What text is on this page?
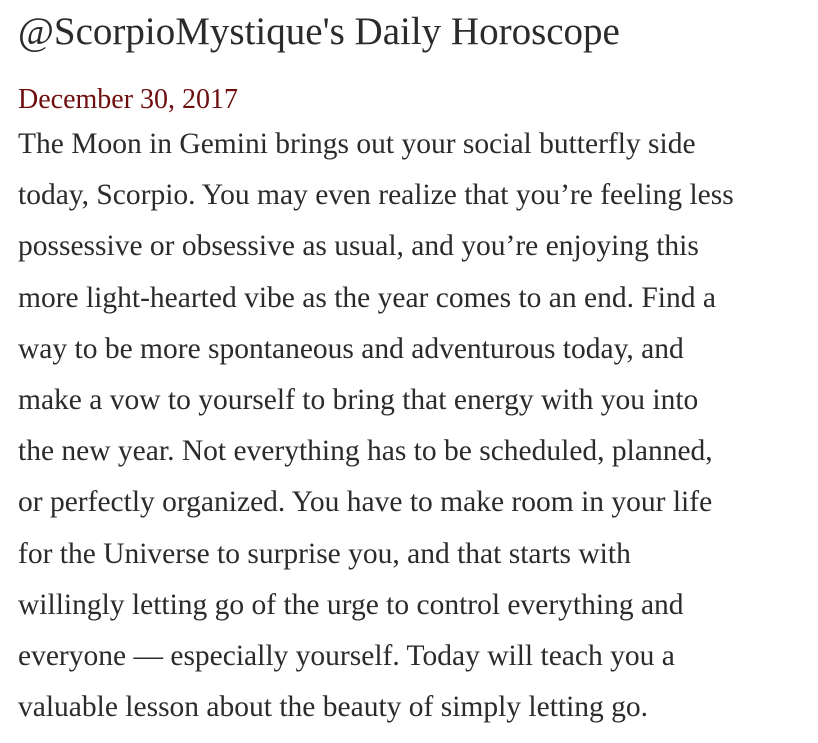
@ScorpioMystique's Daily Horoscope
December 30, 2017

The Moon in Gemini brings out your social butterfly side
today, Scorpio. You may even realize that you’re feeling less
possessive or obsessive as usual, and you’re enjoying this
more light-hearted vibe as the year comes to an end. Find a
way to be more spontaneous and adventurous today, and
make a vow to yourself to bring that energy with you into
the new year. Not everything has to be scheduled, planned,
or perfectly organized. You have to make room in your life
for the Universe to surprise you, and that starts with
willingly letting go of the urge to control everything and
everyone — especially yourself. Today will teach you a
valuable lesson about the beauty of simply letting go.
